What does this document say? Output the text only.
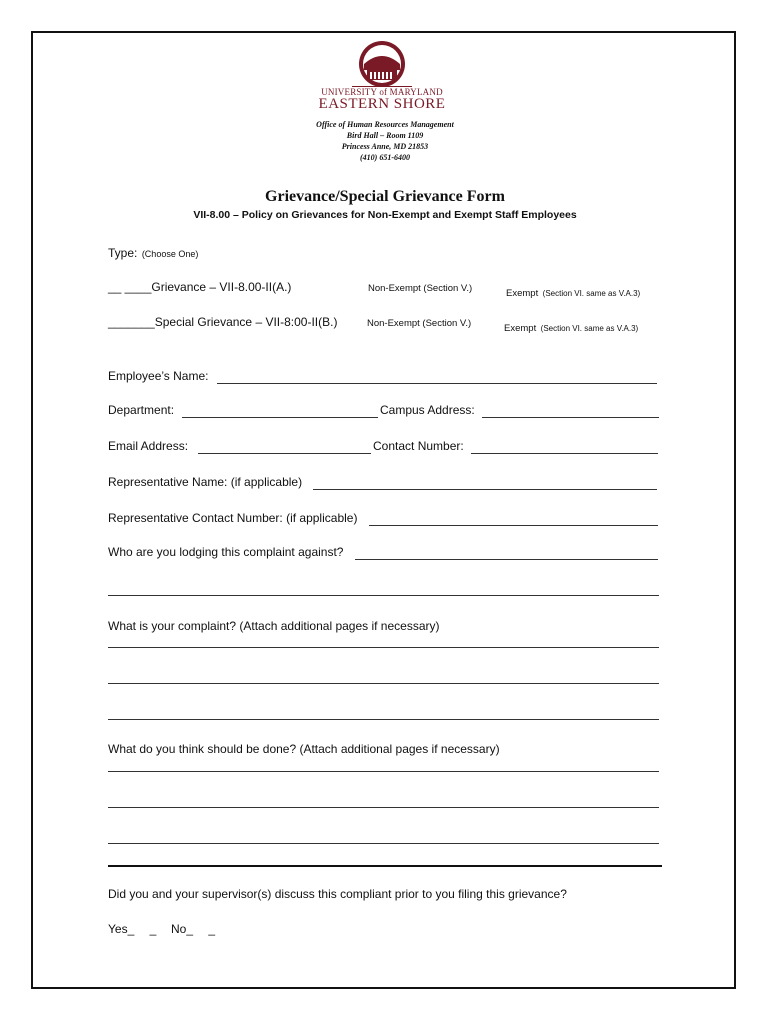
UNIVERSITY of MARYLAND
EASTERN SHORE
Office of Human Resources Management
Bird Hall – Room 1109
Princess Anne, MD 21853
(410) 651-6400
Grievance/Special Grievance Form
VII-8.00 – Policy on Grievances for Non-Exempt and Exempt Staff Employees
Type: (Choose One)
__ ____Grievance – VII-8.00-II(A.)	Non-Exempt (Section V.)	Exempt (Section VI. same as V.A.3)
_______Special Grievance – VII-8:00-II(B.)	Non-Exempt (Section V.)	Exempt (Section VI. same as V.A.3)
Employee’s Name:
Department:	Campus Address:
Email Address:	Contact Number:
Representative Name: (if applicable)
Representative Contact Number: (if applicable)
Who are you lodging this complaint against?
What is your complaint? (Attach additional pages if necessary)
What do you think should be done? (Attach additional pages if necessary)
Did you and your supervisor(s) discuss this compliant prior to you filing this grievance?
Yes_ _ No_ _
